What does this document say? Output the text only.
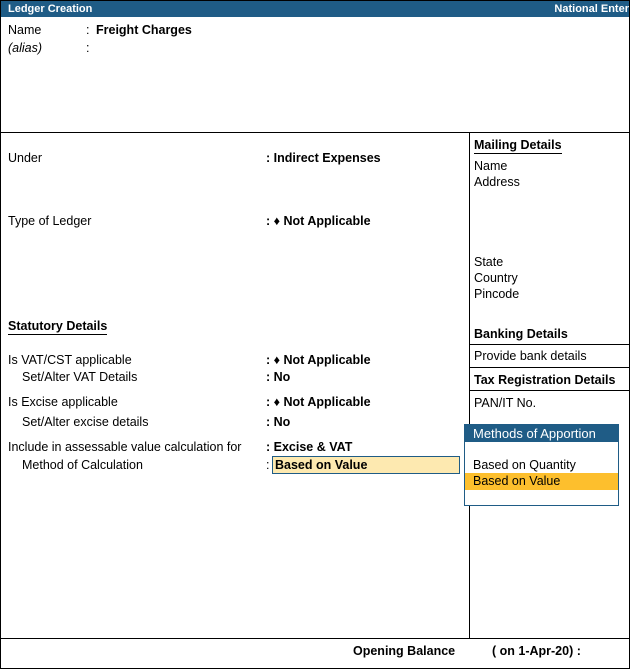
Ledger Creation	National Enter
Name	: Freight Charges
(alias)	:
Under	: Indirect Expenses
Type of Ledger	: ♦ Not Applicable
Statutory Details
Is VAT/CST applicable	: ♦ Not Applicable
Set/Alter VAT Details	: No
Is Excise applicable	: ♦ Not Applicable
Set/Alter excise details	: No
Include in assessable value calculation for : Excise & VAT
Method of Calculation	: Based on Value
Mailing Details
Name
Address
State
Country
Pincode
Banking Details
Provide bank details
Tax Registration Details
PAN/IT No.
Methods of Apportion
Based on Quantity
Based on Value
Opening Balance	( on 1-Apr-20) :
